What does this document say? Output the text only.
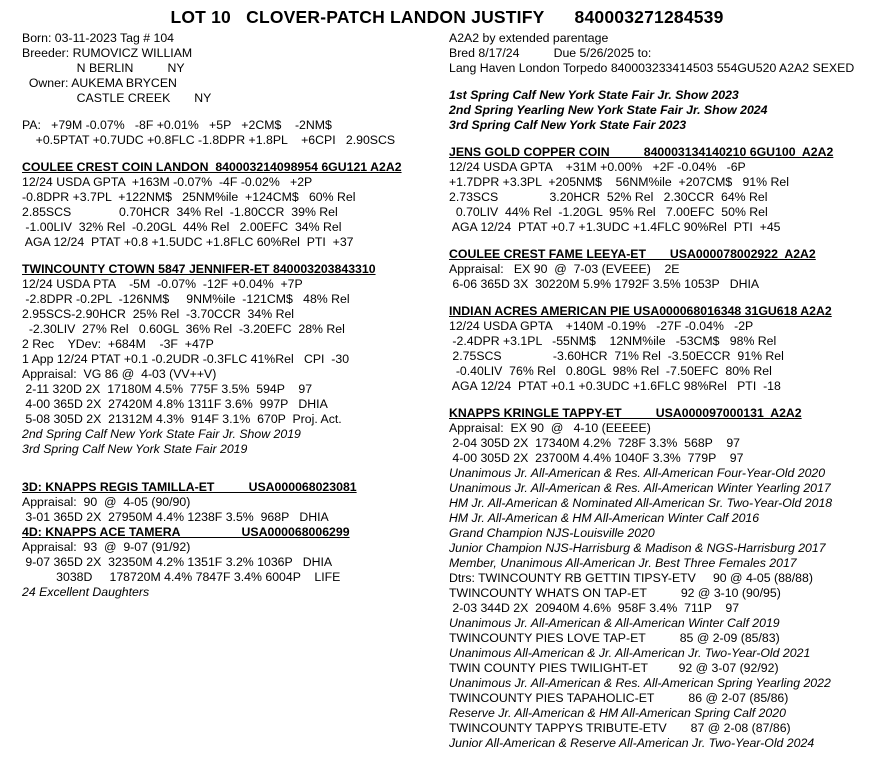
LOT 10   CLOVER-PATCH LANDON JUSTIFY      840003271284539
Born: 03-11-2023 Tag # 104
Breeder: RUMOVICZ WILLIAM
N BERLIN          NY
Owner: AUKEMA BRYCEN
CASTLE CREEK       NY
PA:   +79M -0.07%   -8F +0.01%   +5P   +2CM$    -2NM$
+0.5PTAT +0.7UDC +0.8FLC -1.8DPR +1.8PL    +6CPI   2.90SCS
COULEE CREST COIN LANDON  840003214098954 6GU121 A2A2
12/24 USDA GPTA  +163M -0.07%  -4F -0.02%   +2P
-0.8DPR +3.7PL  +122NM$   25NM%ile  +124CM$   60% Rel
2.85SCS              0.70HCR  34% Rel  -1.80CCR  39% Rel
-1.00LIV  32% Rel  -0.20GL  44% Rel   2.00EFC  34% Rel
AGA 12/24  PTAT +0.8 +1.5UDC +1.8FLC 60%Rel  PTI  +37
TWINCOUNTY CTOWN 5847 JENNIFER-ET 840003203843310
12/24 USDA PTA    -5M  -0.07%  -12F +0.04%  +7P
-2.8DPR -0.2PL  -126NM$     9NM%ile  -121CM$   48% Rel
2.95SCS-2.90HCR  25% Rel  -3.70CCR  34% Rel
-2.30LIV  27% Rel   0.60GL  36% Rel  -3.20EFC  28% Rel
2 Rec    YDev:  +684M    -3F  +47P
1 App 12/24 PTAT +0.1 -0.2UDR -0.3FLC 41%Rel   CPI  -30
Appraisal:  VG 86 @  4-03 (VV++V)
2-11 320D 2X  17180M 4.5%  775F 3.5%  594P    97
4-00 365D 2X  27420M 4.8% 1311F 3.6%  997P   DHIA
5-08 305D 2X  21312M 4.3%  914F 3.1%  670P  Proj. Act.
2nd Spring Calf New York State Fair Jr. Show 2019
3rd Spring Calf New York State Fair 2019
3D: KNAPPS REGIS TAMILLA-ET          USA000068023081
Appraisal:  90  @  4-05 (90/90)
3-01 365D 2X  27950M 4.4% 1238F 3.5%  968P   DHIA
4D: KNAPPS ACE TAMERA                  USA000068006299
Appraisal:  93  @  9-07 (91/92)
9-07 365D 2X  32350M 4.2% 1351F 3.2% 1036P   DHIA
3038D     178720M 4.4% 7847F 3.4% 6004P    LIFE
24 Excellent Daughters
A2A2 by extended parentage
Bred 8/17/24          Due 5/26/2025 to:
Lang Haven London Torpedo 840003233414503 554GU520 A2A2 SEXED
1st Spring Calf New York State Fair Jr. Show 2023
2nd Spring Yearling New York State Fair Jr. Show 2024
3rd Spring Calf New York State Fair 2023
JENS GOLD COPPER COIN          840003134140210 6GU100  A2A2
12/24 USDA GPTA    +31M +0.00%   +2F -0.04%   -6P
+1.7DPR +3.3PL  +205NM$    56NM%ile  +207CM$   91% Rel
2.73SCS               3.20HCR  52% Rel   2.30CCR  64% Rel
0.70LIV  44% Rel  -1.20GL  95% Rel   7.00EFC  50% Rel
AGA 12/24  PTAT +0.7 +1.3UDC +1.4FLC 90%Rel  PTI  +45
COULEE CREST FAME LEEYA-ET       USA000078002922  A2A2
Appraisal:   EX 90  @  7-03 (EVEEE)    2E
6-06 365D 3X  30220M 5.9% 1792F 3.5% 1053P   DHIA
INDIAN ACRES AMERICAN PIE USA000068016348 31GU618 A2A2
12/24 USDA GPTA    +140M -0.19%   -27F -0.04%   -2P
-2.4DPR +3.1PL   -55NM$    12NM%ile   -53CM$   98% Rel
2.75SCS               -3.60HCR  71% Rel  -3.50ECCR  91% Rel
-0.40LIV  76% Rel   0.80GL  98% Rel  -7.50EFC  80% Rel
AGA 12/24  PTAT +0.1 +0.3UDC +1.6FLC 98%Rel   PTI  -18
KNAPPS KRINGLE TAPPY-ET          USA000097000131  A2A2
Appraisal:  EX 90  @   4-10 (EEEEE)
2-04 305D 2X  17340M 4.2%  728F 3.3%  568P    97
4-00 305D 2X  23700M 4.4% 1040F 3.3%  779P    97
Unanimous Jr. All-American & Res. All-American Four-Year-Old 2020
Unanimous Jr. All-American & Res. All-American Winter Yearling 2017
HM Jr. All-American & Nominated All-American Sr. Two-Year-Old 2018
HM Jr. All-American & HM All-American Winter Calf 2016
Grand Champion NJS-Louisville 2020
Junior Champion NJS-Harrisburg & Madison & NGS-Harrisburg 2017
Member, Unanimous All-American Jr. Best Three Females 2017
Dtrs: TWINCOUNTY RB GETTIN TIPSY-ETV     90 @ 4-05 (88/88)
TWINCOUNTY WHATS ON TAP-ET          92 @ 3-10 (90/95)
2-03 344D 2X  20940M 4.6%  958F 3.4%  711P    97
Unanimous Jr. All-American & All-American Winter Calf 2019
TWINCOUNTY PIES LOVE TAP-ET          85 @ 2-09 (85/83)
Unanimous All-American & Jr. All-American Jr. Two-Year-Old 2021
TWIN COUNTY PIES TWILIGHT-ET         92 @ 3-07 (92/92)
Unanimous Jr. All-American & Res. All-American Spring Yearling 2022
TWINCOUNTY PIES TAPAHOLIC-ET          86 @ 2-07 (85/86)
Reserve Jr. All-American & HM All-American Spring Calf 2020
TWINCOUNTY TAPPYS TRIBUTE-ETV       87 @ 2-08 (87/86)
Junior All-American & Reserve All-American Jr. Two-Year-Old 2024
